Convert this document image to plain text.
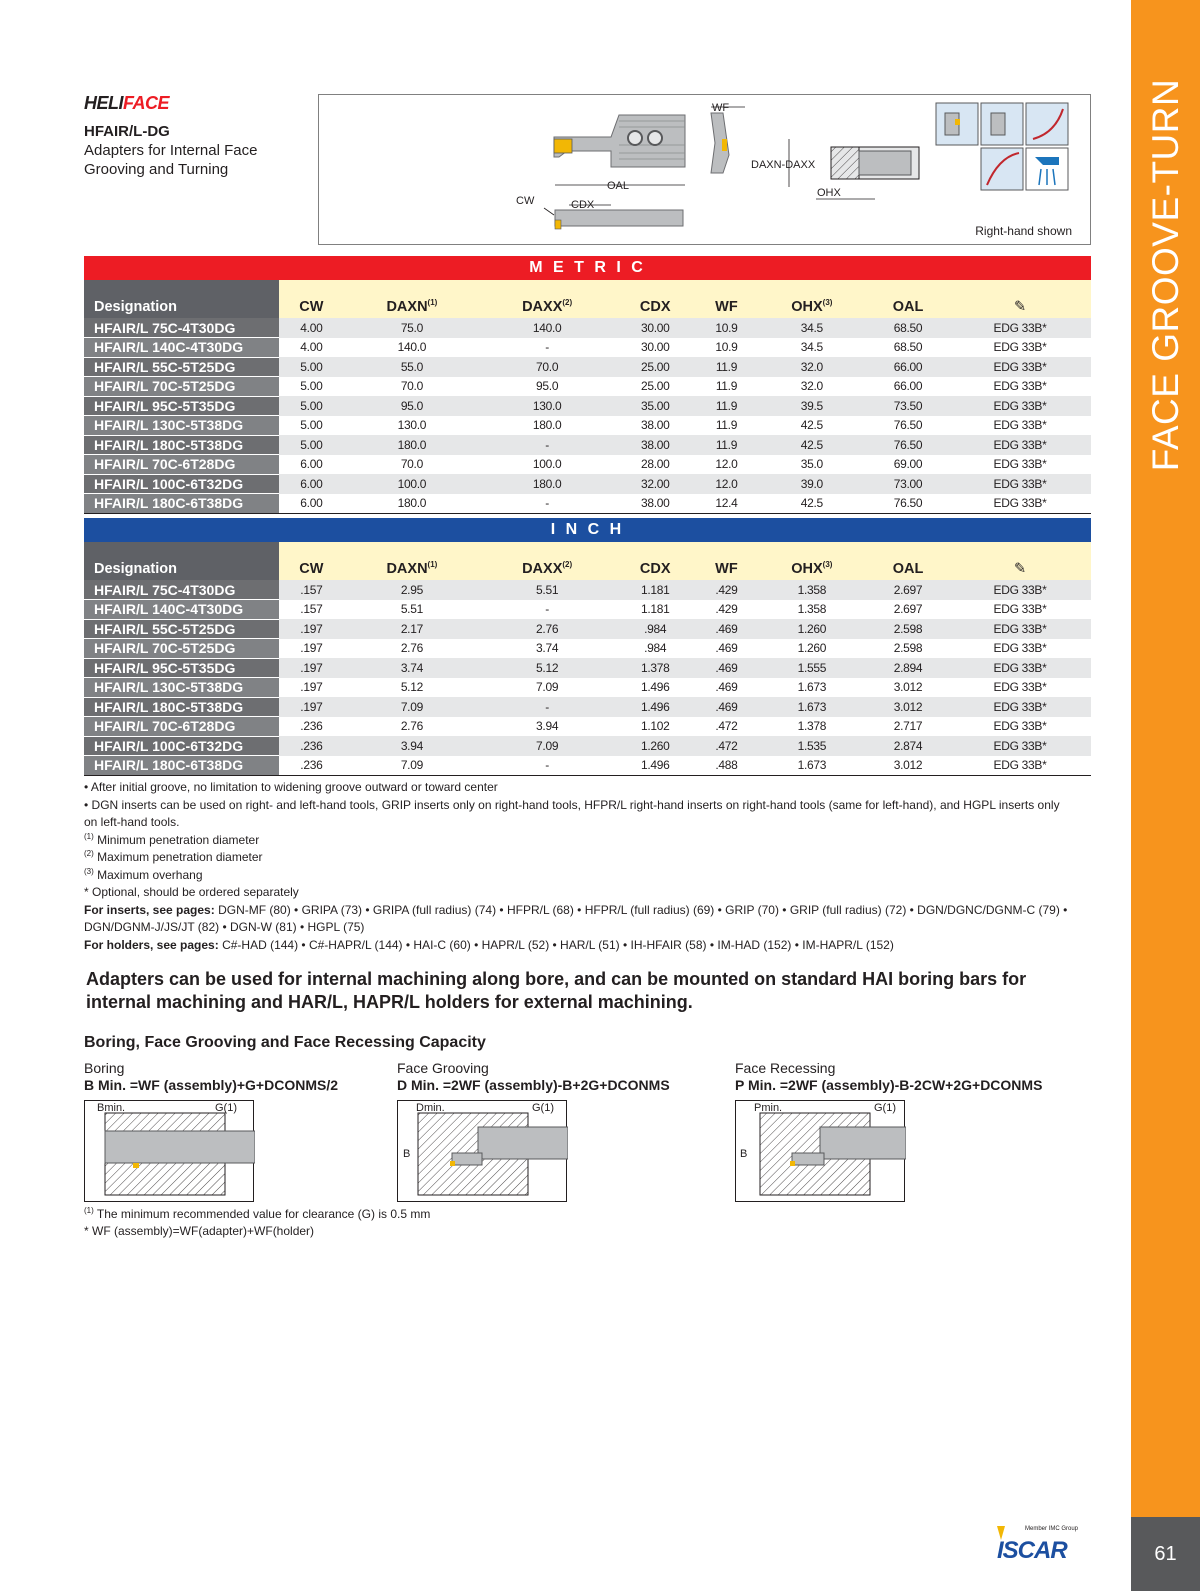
FACE GROOVE-TURN
61
HELIFACE
HFAIR/L-DG
Adapters for Internal Face Grooving and Turning
WF
OAL
CDX
CW
DAXN-DAXX
OHX
Right-hand shown
M E T R I C
Designation	CW	DAXN$^{(1)}$	DAXX$^{(2)}$	CDX	WF	OHX$^{(3)}$	OAL	✎
HFAIR/L 75C-4T30DG	4.00	75.0	140.0	30.00	10.9	34.5	68.50	EDG 33B*
HFAIR/L 140C-4T30DG	4.00	140.0	-	30.00	10.9	34.5	68.50	EDG 33B*
HFAIR/L 55C-5T25DG	5.00	55.0	70.0	25.00	11.9	32.0	66.00	EDG 33B*
HFAIR/L 70C-5T25DG	5.00	70.0	95.0	25.00	11.9	32.0	66.00	EDG 33B*
HFAIR/L 95C-5T35DG	5.00	95.0	130.0	35.00	11.9	39.5	73.50	EDG 33B*
HFAIR/L 130C-5T38DG	5.00	130.0	180.0	38.00	11.9	42.5	76.50	EDG 33B*
HFAIR/L 180C-5T38DG	5.00	180.0	-	38.00	11.9	42.5	76.50	EDG 33B*
HFAIR/L 70C-6T28DG	6.00	70.0	100.0	28.00	12.0	35.0	69.00	EDG 33B*
HFAIR/L 100C-6T32DG	6.00	100.0	180.0	32.00	12.0	39.0	73.00	EDG 33B*
HFAIR/L 180C-6T38DG	6.00	180.0	-	38.00	12.4	42.5	76.50	EDG 33B*
I N C H
Designation	CW	DAXN$^{(1)}$	DAXX$^{(2)}$	CDX	WF	OHX$^{(3)}$	OAL	✎
HFAIR/L 75C-4T30DG	.157	2.95	5.51	1.181	.429	1.358	2.697	EDG 33B*
HFAIR/L 140C-4T30DG	.157	5.51	-	1.181	.429	1.358	2.697	EDG 33B*
HFAIR/L 55C-5T25DG	.197	2.17	2.76	.984	.469	1.260	2.598	EDG 33B*
HFAIR/L 70C-5T25DG	.197	2.76	3.74	.984	.469	1.260	2.598	EDG 33B*
HFAIR/L 95C-5T35DG	.197	3.74	5.12	1.378	.469	1.555	2.894	EDG 33B*
HFAIR/L 130C-5T38DG	.197	5.12	7.09	1.496	.469	1.673	3.012	EDG 33B*
HFAIR/L 180C-5T38DG	.197	7.09	-	1.496	.469	1.673	3.012	EDG 33B*
HFAIR/L 70C-6T28DG	.236	2.76	3.94	1.102	.472	1.378	2.717	EDG 33B*
HFAIR/L 100C-6T32DG	.236	3.94	7.09	1.260	.472	1.535	2.874	EDG 33B*
HFAIR/L 180C-6T38DG	.236	7.09	-	1.496	.488	1.673	3.012	EDG 33B*

• After initial groove, no limitation to widening groove outward or toward center

• DGN inserts can be used on right- and left-hand tools, GRIP inserts only on right-hand tools, HFPR/L right-hand inserts on right-hand tools (same for left-hand), and HGPL inserts only on left-hand tools.

$^{(1)}$ Minimum penetration diameter

$^{(2)}$ Maximum penetration diameter

$^{(3)}$ Maximum overhang

* Optional, should be ordered separately

For inserts, see pages: DGN-MF (80) • GRIPA (73) • GRIPA (full radius) (74) • HFPR/L (68) • HFPR/L (full radius) (69) • GRIP (70) • GRIP (full radius) (72) • DGN/DGNC/DGNM-C (79) • DGN/DGNM-J/JS/JT (82) • DGN-W (81) • HGPL (75)

For holders, see pages: C#-HAD (144) • C#-HAPR/L (144) • HAI-C (60) • HAPR/L (52) • HAR/L (51) • IH-HFAIR (58) • IM-HAD (152) • IM-HAPR/L (152)

Adapters can be used for internal machining along bore, and can be mounted on standard HAI boring bars for internal machining and HAR/L, HAPR/L holders for external machining.
Boring, Face Grooving and Face Recessing Capacity
Boring
B Min. =WF (assembly)+G+DCONMS/2
Face Grooving
D Min. =2WF (assembly)-B+2G+DCONMS
Face Recessing
P Min. =2WF (assembly)-B-2CW+2G+DCONMS
Bmin.	G(1)	Dmin.	G(1)
B
Pmin.	G(1)
B
$^{(1)}$ The minimum recommended value for clearance (G) is 0.5 mm
* WF (assembly)=WF(adapter)+WF(holder)
Member IMC Group
ISCAR
